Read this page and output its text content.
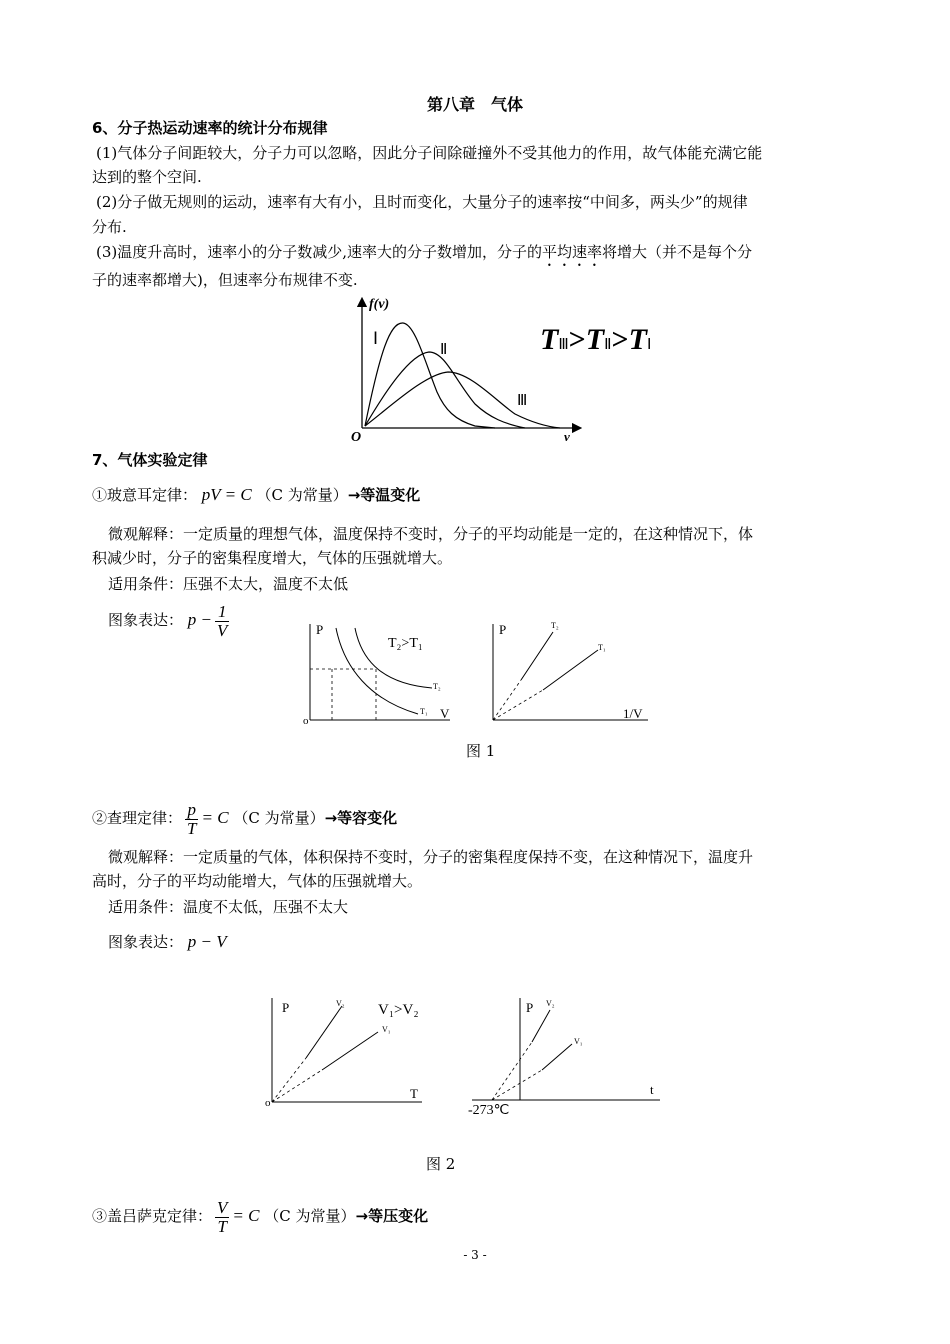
第八章　气体
6、分子热运动速率的统计分布规律
(1)气体分子间距较大，分子力可以忽略，因此分子间除碰撞外不受其他力的作用，故气体能充满它能
达到的整个空间.
(2)分子做无规则的运动，速率有大有小，且时而变化，大量分子的速率按“中间多，两头少”的规律
分布.
(3)温度升高时，速率小的分子数减少,速率大的分子数增加，分子的平均速率将增大（并不是每个分
子的速率都增大)，但速率分布规律不变.
f(v)
v
O
Ⅰ
Ⅱ
Ⅲ
TⅢ>TⅡ>TⅠ
7、气体实验定律
①玻意耳定律： pV = C （C 为常量）→等温变化
微观解释：一定质量的理想气体，温度保持不变时，分子的平均动能是一定的，在这种情况下，体
积减少时，分子的密集程度增大，气体的压强就增大。
适用条件：压强不太大，温度不太低
图象表达： $p - \frac{1}{V}$	P
V
o
T₂>T₁
T₂
T₁
P
1/V
T₂
T₁
图 1
②查理定律： $\frac{p}{T} = C$ （C 为常量）→等容变化
微观解释：一定质量的气体，体积保持不变时，分子的密集程度保持不变，在这种情况下，温度升
高时，分子的平均动能增大，气体的压强就增大。
适用条件：温度不太低，压强不太大
图象表达： p − V
P
T
o
V₁>V₂
V₂
V₁
P
t
-273℃
V₂
V₁
图 2
③盖吕萨克定律： $\frac{V}{T} = C$ （C 为常量）→等压变化
- 3 -
